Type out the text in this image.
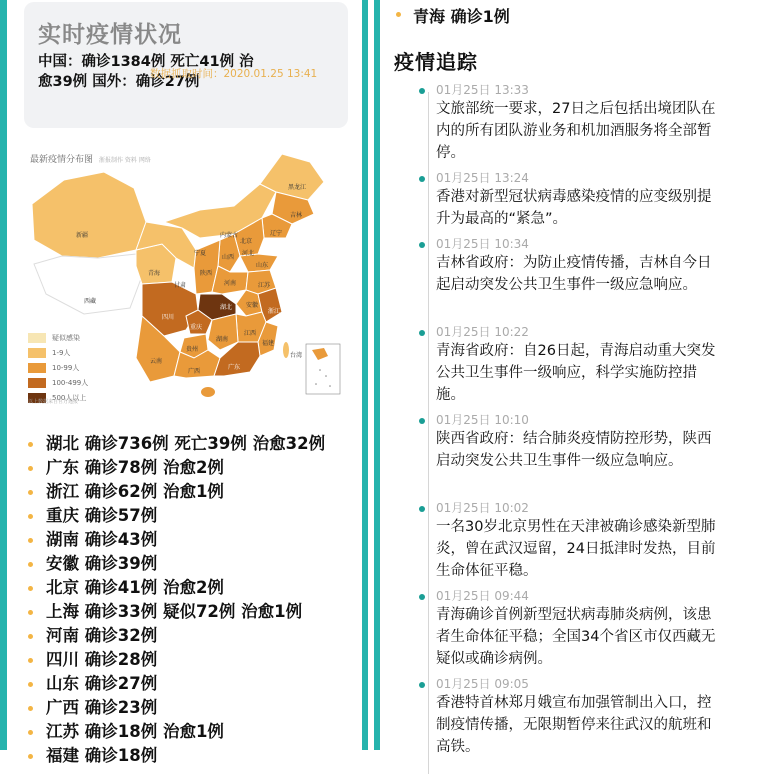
实时疫情状况
中国：确诊1384例 死亡41例 治愈39例 国外：确诊27例
数据抓取时间：2020.01.25 13:41
最新疫情分布图 浙报制作 资料 网络
新疆
西藏
青海
甘肃
内蒙古
黑龙江
吉林
辽宁
北京
河北
山东
山西
陕西
宁夏
河南
湖北
四川
重庆
安徽
江苏
浙江
江西
湖南
贵州
云南
广西
广东
福建
台湾
疑似感染
1-9人
10-99人
100-499人
500人以上
以上数据来自官方通报
湖北 确诊736例 死亡39例 治愈32例
广东 确诊78例 治愈2例
浙江 确诊62例 治愈1例
重庆 确诊57例
湖南 确诊43例
安徽 确诊39例
北京 确诊41例 治愈2例
上海 确诊33例 疑似72例 治愈1例
河南 确诊32例
四川 确诊28例
山东 确诊27例
广西 确诊23例
江苏 确诊18例 治愈1例
福建 确诊18例
青海 确诊1例
疫情追踪
01月25日 13:33
文旅部统一要求，27日之后包括出境团队在内的所有团队游业务和机加酒服务将全部暂停。
01月25日 13:24
香港对新型冠状病毒感染疫情的应变级别提升为最高的“紧急”。
01月25日 10:34
吉林省政府：为防止疫情传播，吉林自今日起启动突发公共卫生事件一级应急响应。
01月25日 10:22
青海省政府：自26日起，青海启动重大突发公共卫生事件一级响应，科学实施防控措施。
01月25日 10:10
陕西省政府：结合肺炎疫情防控形势，陕西启动突发公共卫生事件一级应急响应。
01月25日 10:02
一名30岁北京男性在天津被确诊感染新型肺炎，曾在武汉逗留，24日抵津时发热，目前生命体征平稳。
01月25日 09:44
青海确诊首例新型冠状病毒肺炎病例，该患者生命体征平稳；全国34个省区市仅西藏无疑似或确诊病例。
01月25日 09:05
香港特首林郑月娥宣布加强管制出入口，控制疫情传播，无限期暂停来往武汉的航班和高铁。
